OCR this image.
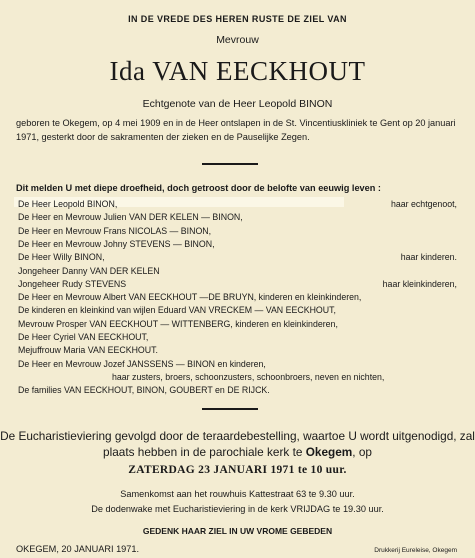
IN DE VREDE DES HEREN RUSTE DE ZIEL VAN
Mevrouw
Ida VAN EECKHOUT
Echtgenote van de Heer Leopold BINON
geboren te Okegem, op 4 mei 1909 en in de Heer ontslapen in de St. Vincentiuskliniek te Gent op 20 januari 1971, gesterkt door de sakramenten der zieken en de Pauselijke Zegen.
Dit melden U met diepe droefheid, doch getroost door de belofte van eeuwig leven :
De Heer Leopold BINON,	haar echtgenoot,
De Heer en Mevrouw Julien VAN DER KELEN — BINON,
De Heer en Mevrouw Frans NICOLAS — BINON,
De Heer en Mevrouw Johny STEVENS — BINON,
De Heer Willy BINON,	haar kinderen.
Jongeheer Danny VAN DER KELEN
Jongeheer Rudy STEVENS	haar kleinkinderen,
De Heer en Mevrouw Albert VAN EECKHOUT —DE BRUYN, kinderen en kleinkinderen,
De kinderen en kleinkind van wijlen Eduard VAN VRECKEM — VAN EECKHOUT,
Mevrouw Prosper VAN EECKHOUT — WITTENBERG, kinderen en kleinkinderen,
De Heer Cyriel VAN EECKHOUT,
Mejuffrouw Maria VAN EECKHOUT.
De Heer en Mevrouw Jozef JANSSENS — BINON en kinderen,
haar zusters, broers, schoonzusters, schoonbroers, neven en nichten,
De families VAN EECKHOUT, BINON, GOUBERT en DE RIJCK.
De Eucharistieviering gevolgd door de teraardebestelling, waartoe U wordt uitgenodigd, zal plaats hebben in de parochiale kerk te Okegem, op
ZATERDAG 23 JANUARI 1971 te 10 uur.
Samenkomst aan het rouwhuis Kattestraat 63 te 9.30 uur.
De dodenwake met Eucharistieviering in de kerk VRIJDAG te 19.30 uur.
GEDENK HAAR ZIEL IN UW VROME GEBEDEN
OKEGEM, 20 JANUARI 1971.	Drukkerij Eureleise, Okegem
